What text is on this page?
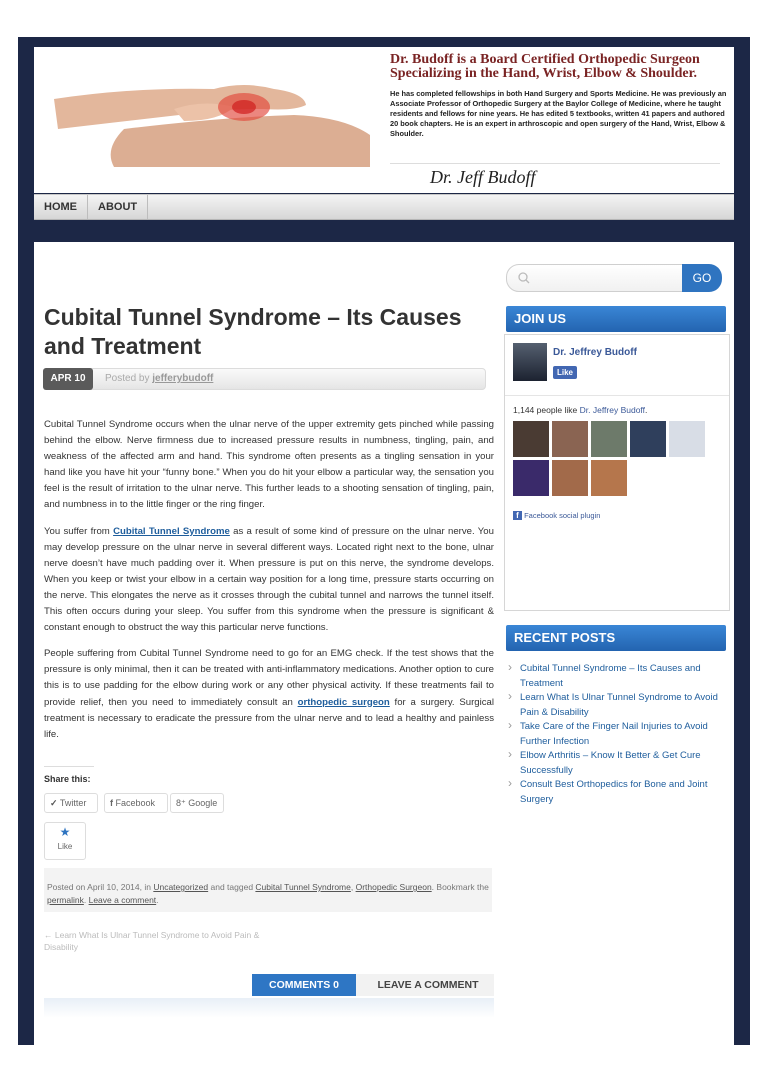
Dr. Budoff is a Board Certified Orthopedic Surgeon Specializing in the Hand, Wrist, Elbow & Shoulder.

He has completed fellowships in both Hand Surgery and Sports Medicine. He was previously an Associate Professor of Orthopedic Surgery at the Baylor College of Medicine, where he taught residents and fellows for nine years. He has edited 5 textbooks, written 41 papers and authored 20 book chapters. He is an expert in arthroscopic and open surgery of the Hand, Wrist, Elbow & Shoulder.

Dr. Jeff Budoff
HOME	ABOUT
Cubital Tunnel Syndrome – Its Causes and Treatment
APR 10	Posted by jefferybudoff

Cubital Tunnel Syndrome occurs when the ulnar nerve of the upper extremity gets pinched while passing behind the elbow. Nerve firmness due to increased pressure results in numbness, tingling, pain, and weakness of the affected arm and hand. This syndrome often presents as a tingling sensation in your hand like you have hit your “funny bone.” When you do hit your elbow a particular way, the sensation you feel is the result of irritation to the ulnar nerve. This further leads to a shooting sensation of tingling, pain, and numbness in to the little finger or the ring finger.

You suffer from Cubital Tunnel Syndrome as a result of some kind of pressure on the ulnar nerve. You may develop pressure on the ulnar nerve in several different ways. Located right next to the bone, ulnar nerve doesn’t have much padding over it. When pressure is put on this nerve, the syndrome develops. When you keep or twist your elbow in a certain way position for a long time, pressure starts occurring on the nerve. This elongates the nerve as it crosses through the cubital tunnel and narrows the tunnel itself. This often occurs during your sleep. You suffer from this syndrome when the pressure is significant & constant enough to obstruct the way this particular nerve functions.

People suffering from Cubital Tunnel Syndrome need to go for an EMG check. If the test shows that the pressure is only minimal, then it can be treated with anti-inflammatory medications. Another option to cure this is to use padding for the elbow during work or any other physical activity. If these treatments fail to provide relief, then you need to immediately consult an orthopedic surgeon for a surgery. Surgical treatment is necessary to eradicate the pressure from the ulnar nerve and to lead a healthy and painless life.

Share this:
✓ Twitter	f Facebook	8⁺ Google
★
Like
Posted on April 10, 2014, in Uncategorized and tagged Cubital Tunnel Syndrome, Orthopedic Surgeon. Bookmark the permalink. Leave a comment.
← Learn What Is Ulnar Tunnel Syndrome to Avoid Pain & Disability
COMMENTS 0	LEAVE A COMMENT
GO
JOIN US
Dr. Jeffrey Budoff
Like
1,144 people like Dr. Jeffrey Budoff.
f Facebook social plugin
RECENT POSTS
› Cubital Tunnel Syndrome – Its Causes and Treatment
› Learn What Is Ulnar Tunnel Syndrome to Avoid Pain & Disability
› Take Care of the Finger Nail Injuries to Avoid Further Infection
› Elbow Arthritis – Know It Better & Get Cure Successfully
› Consult Best Orthopedics for Bone and Joint Surgery
